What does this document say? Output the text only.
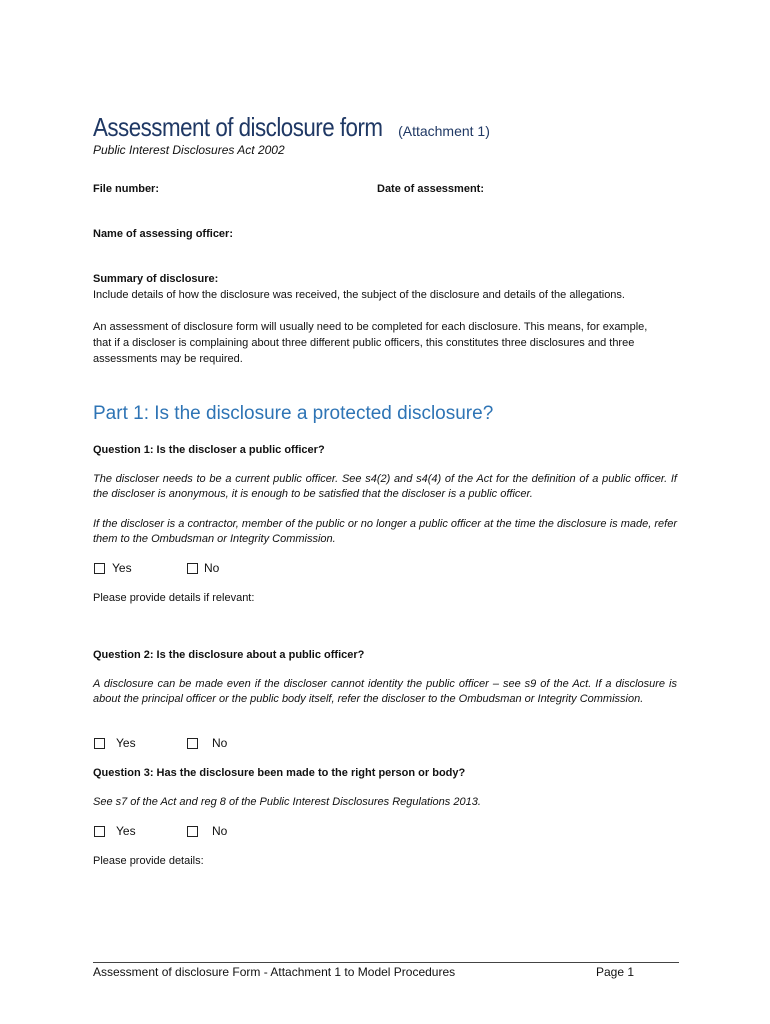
Assessment of disclosure form (Attachment 1)
Public Interest Disclosures Act 2002
File number:	Date of assessment:
Name of assessing officer:
Summary of disclosure:
Include details of how the disclosure was received, the subject of the disclosure and details of the allegations.
An assessment of disclosure form will usually need to be completed for each disclosure. This means, for example, that if a discloser is complaining about three different public officers, this constitutes three disclosures and three assessments may be required.
Part 1: Is the disclosure a protected disclosure?
Question 1: Is the discloser a public officer?
The discloser needs to be a current public officer. See s4(2) and s4(4) of the Act for the definition of a public officer. If the discloser is anonymous, it is enough to be satisfied that the discloser is a public officer.
If the discloser is a contractor, member of the public or no longer a public officer at the time the disclosure is made, refer them to the Ombudsman or Integrity Commission.
Yes	No
Please provide details if relevant:
Question 2: Is the disclosure about a public officer?
A disclosure can be made even if the discloser cannot identity the public officer – see s9 of the Act. If a disclosure is about the principal officer or the public body itself, refer the discloser to the Ombudsman or Integrity Commission.
Yes	No
Question 3: Has the disclosure been made to the right person or body?
See s7 of the Act and reg 8 of the Public Interest Disclosures Regulations 2013.
Yes	No
Please provide details:
Assessment of disclosure Form - Attachment 1 to Model Procedures	Page 1
